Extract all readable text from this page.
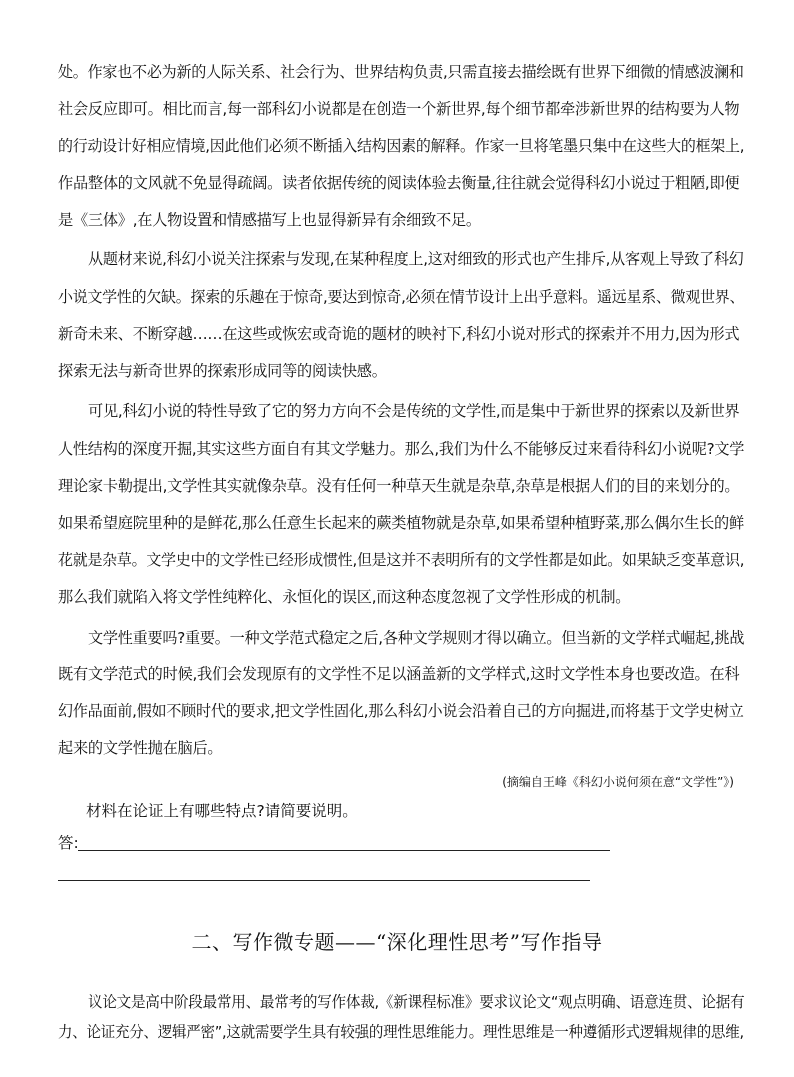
处。作家也不必为新的人际关系、社会行为、世界结构负责,只需直接去描绘既有世界下细微的情感波澜和
社会反应即可。相比而言,每一部科幻小说都是在创造一个新世界,每个细节都牵涉新世界的结构要为人物
的行动设计好相应情境,因此他们必须不断插入结构因素的解释。作家一旦将笔墨只集中在这些大的框架上,
作品整体的文风就不免显得疏阔。读者依据传统的阅读体验去衡量,往往就会觉得科幻小说过于粗陋,即便
是《三体》,在人物设置和情感描写上也显得新异有余细致不足。
从题材来说,科幻小说关注探索与发现,在某种程度上,这对细致的形式也产生排斥,从客观上导致了科幻
小说文学性的欠缺。探索的乐趣在于惊奇,要达到惊奇,必须在情节设计上出乎意料。遥远星系、微观世界、
新奇未来、不断穿越……在这些或恢宏或奇诡的题材的映衬下,科幻小说对形式的探索并不用力,因为形式
探索无法与新奇世界的探索形成同等的阅读快感。
可见,科幻小说的特性导致了它的努力方向不会是传统的文学性,而是集中于新世界的探索以及新世界
人性结构的深度开掘,其实这些方面自有其文学魅力。那么,我们为什么不能够反过来看待科幻小说呢?文学
理论家卡勒提出,文学性其实就像杂草。没有任何一种草天生就是杂草,杂草是根据人们的目的来划分的。
如果希望庭院里种的是鲜花,那么任意生长起来的蕨类植物就是杂草,如果希望种植野菜,那么偶尔生长的鲜
花就是杂草。文学史中的文学性已经形成惯性,但是这并不表明所有的文学性都是如此。如果缺乏变革意识,
那么我们就陷入将文学性纯粹化、永恒化的误区,而这种态度忽视了文学性形成的机制。
文学性重要吗?重要。一种文学范式稳定之后,各种文学规则才得以确立。但当新的文学样式崛起,挑战
既有文学范式的时候,我们会发现原有的文学性不足以涵盖新的文学样式,这时文学性本身也要改造。在科
幻作品面前,假如不顾时代的要求,把文学性固化,那么科幻小说会沿着自己的方向掘进,而将基于文学史树立
起来的文学性抛在脑后。
(摘编自王峰《科幻小说何须在意“文学性”》)
材料在论证上有哪些特点?请简要说明。
答:
二、写作微专题——“深化理性思考”写作指导
议论文是高中阶段最常用、最常考的写作体裁,《新课程标准》要求议论文“观点明确、语意连贯、论据有
力、论证充分、逻辑严密”,这就需要学生具有较强的理性思维能力。理性思维是一种遵循形式逻辑规律的思维,
